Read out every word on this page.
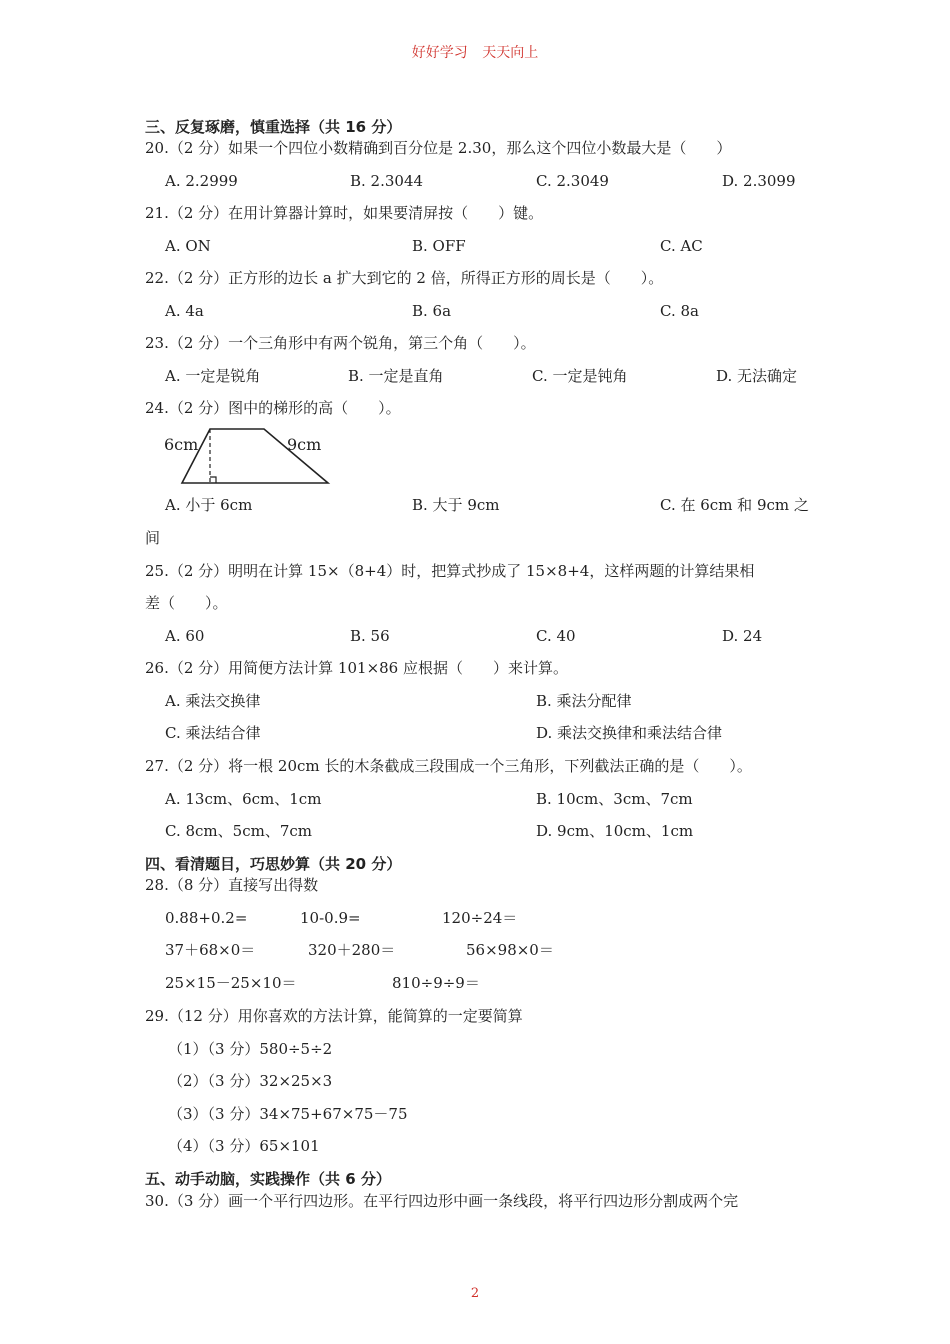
好好学习 天天向上
三、反复琢磨，慎重选择（共 16 分）
20.（2 分）如果一个四位小数精确到百分位是 2.30，那么这个四位小数最大是（　　）
A. 2.2999	B. 2.3044	C. 2.3049	D. 2.3099
21.（2 分）在用计算器计算时，如果要清屏按（　　）键。
A. ON	B. OFF	C. AC
22.（2 分）正方形的边长 a 扩大到它的 2 倍，所得正方形的周长是（　　）。
A. 4a	B. 6a	C. 8a
23.（2 分）一个三角形中有两个锐角，第三个角（　　）。
A. 一定是锐角	B. 一定是直角	C. 一定是钝角	D. 无法确定
24.（2 分）图中的梯形的高（　　）。
6cm	9cm
A. 小于 6cm	B. 大于 9cm	C. 在 6cm 和 9cm 之
间
25.（2 分）明明在计算 15×（8+4）时，把算式抄成了 15×8+4，这样两题的计算结果相
差（　　）。
A. 60	B. 56	C. 40	D. 24
26.（2 分）用简便方法计算 101×86 应根据（　　）来计算。
A. 乘法交换律	B. 乘法分配律
C. 乘法结合律	D. 乘法交换律和乘法结合律
27.（2 分）将一根 20cm 长的木条截成三段围成一个三角形，下列截法正确的是（　　）。
A. 13cm、6cm、1cm	B. 10cm、3cm、7cm
C. 8cm、5cm、7cm	D. 9cm、10cm、1cm
四、看清题目，巧思妙算（共 20 分）
28.（8 分）直接写出得数
0.88+0.2=	10-0.9=	120÷24＝
37＋68×0＝	320＋280＝	56×98×0＝
25×15－25×10＝	810÷9÷9＝
29.（12 分）用你喜欢的方法计算，能简算的一定要简算
（1）（3 分）580÷5÷2
（2）（3 分）32×25×3
（3）（3 分）34×75+67×75－75
（4）（3 分）65×101
五、动手动脑，实践操作（共 6 分）
30.（3 分）画一个平行四边形。在平行四边形中画一条线段，将平行四边形分割成两个完
2
